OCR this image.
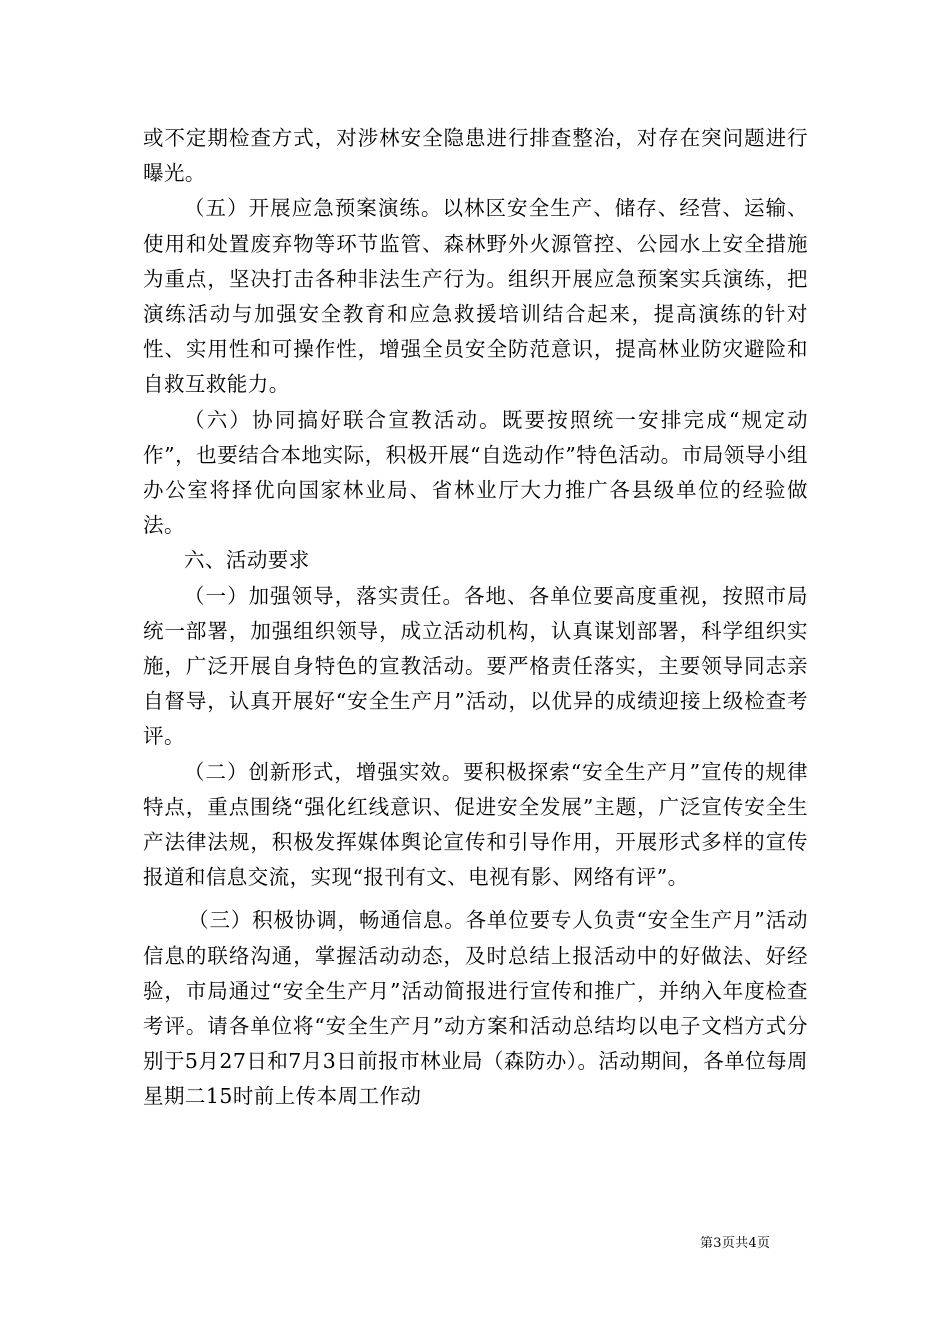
或不定期检查方式，对涉林安全隐患进行排查整治，对存在突问题进行曝光。

（五）开展应急预案演练。以林区安全生产、储存、经营、运输、使用和处置废弃物等环节监管、森林野外火源管控、公园水上安全措施为重点，坚决打击各种非法生产行为。组织开展应急预案实兵演练，把演练活动与加强安全教育和应急救援培训结合起来，提高演练的针对性、实用性和可操作性，增强全员安全防范意识，提高林业防灾避险和自救互救能力。

（六）协同搞好联合宣教活动。既要按照统一安排完成“规定动作”，也要结合本地实际，积极开展“自选动作”特色活动。市局领导小组办公室将择优向国家林业局、省林业厅大力推广各县级单位的经验做法。

六、活动要求

（一）加强领导，落实责任。各地、各单位要高度重视，按照市局统一部署，加强组织领导，成立活动机构，认真谋划部署，科学组织实施，广泛开展自身特色的宣教活动。要严格责任落实，主要领导同志亲自督导，认真开展好“安全生产月”活动，以优异的成绩迎接上级检查考评。

（二）创新形式，增强实效。要积极探索“安全生产月”宣传的规律特点，重点围绕“强化红线意识、促进安全发展”主题，广泛宣传安全生产法律法规，积极发挥媒体舆论宣传和引导作用，开展形式多样的宣传报道和信息交流，实现“报刊有文、电视有影、网络有评”。

（三）积极协调，畅通信息。各单位要专人负责“安全生产月”活动信息的联络沟通，掌握活动动态，及时总结上报活动中的好做法、好经验，市局通过“安全生产月”活动简报进行宣传和推广，并纳入年度检查考评。请各单位将“安全生产月”动方案和活动总结均以电子文档方式分别于5月27日和7月3日前报市林业局（森防办）。活动期间，各单位每周星期二15时前上传本周工作动

第3页共4页
